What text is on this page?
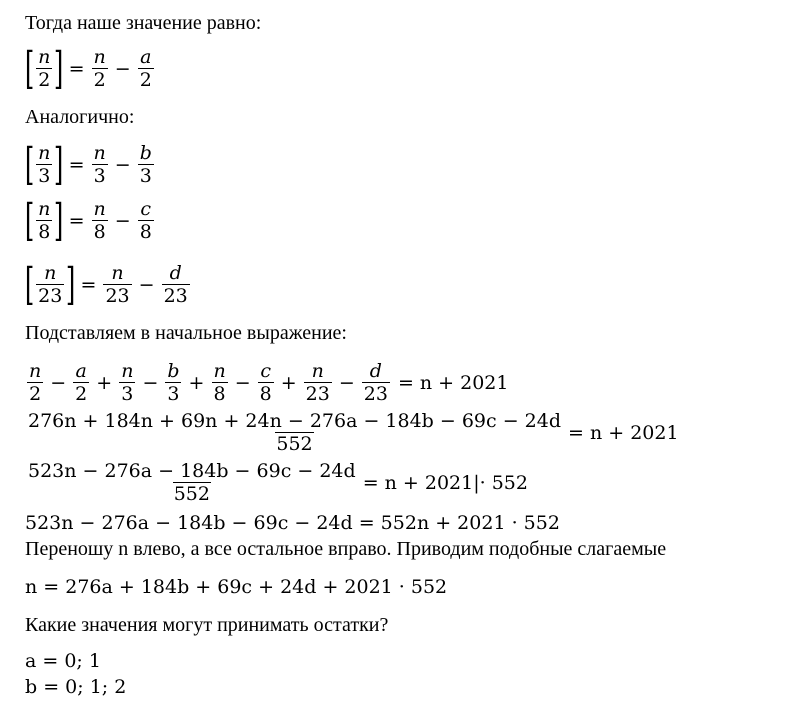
Тогда наше значение равно:
[ $\frac{n}{2}$ ] = $\frac{n}{2} - \frac{a}{2}$
Аналогично:
[ $\frac{n}{3}$ ] = $\frac{n}{3} - \frac{b}{3}$
[ $\frac{n}{8}$ ] = $\frac{n}{8} - \frac{c}{8}$
[ $\frac{n}{23}$ ] = $\frac{n}{23} - \frac{d}{23}$
Подставляем в начальное выражение:
$\frac{n}{2} - \frac{a}{2} + \frac{n}{3} - \frac{b}{3} + \frac{n}{8} - \frac{c}{8} + \frac{n}{23} - \frac{d}{23} = n + 2021$
$\frac{276n + 184n + 69n + 24n - 276a - 184b - 69c - 24d}{552} = n + 2021$
$\frac{523n - 276a - 184b - 69c - 24d}{552} = n + 2021|\cdot 552$
523n − 276a − 184b − 69c − 24d = 552n + 2021 · 552
Переношу n влево, а все остальное вправо. Приводим подобные слагаемые
n = 276a + 184b + 69c + 24d + 2021 · 552
Какие значения могут принимать остатки?
a = 0; 1
b = 0; 1; 2
